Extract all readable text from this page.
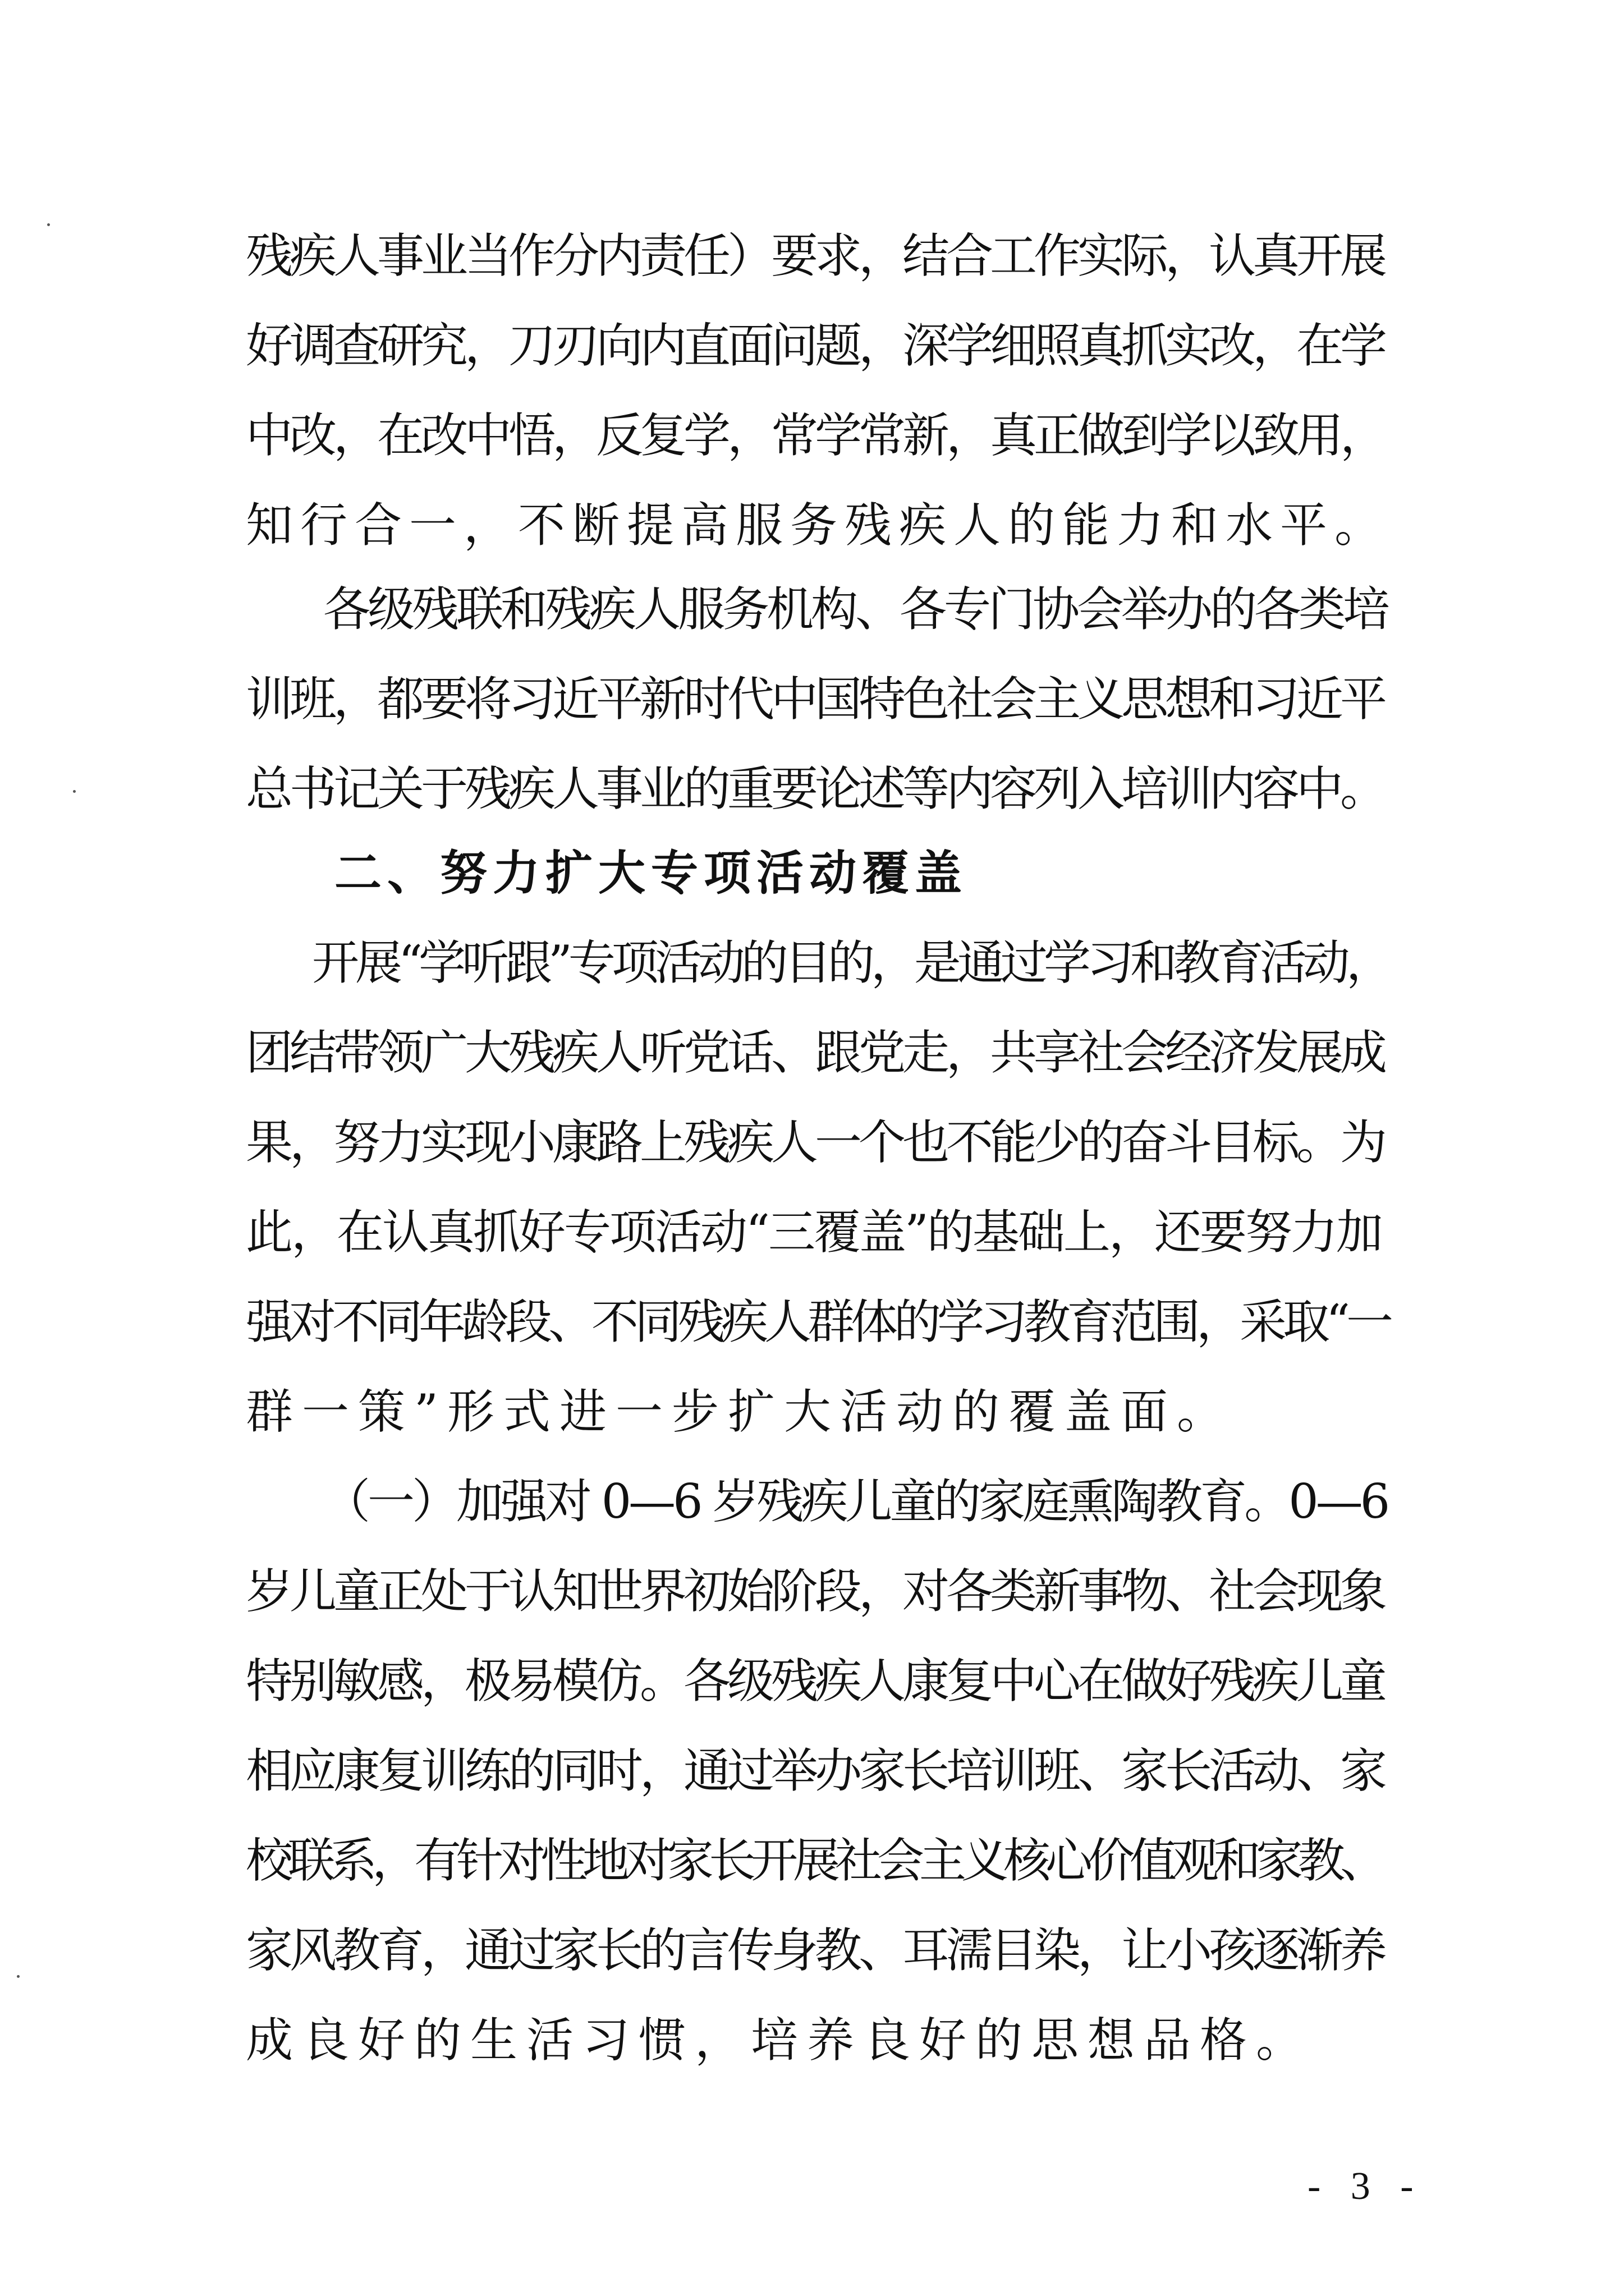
残疾人事业当作分内责任）要求，结合工作实际，认真开展
好调查研究，刀刃向内直面问题，深学细照真抓实改，在学
中改，在改中悟，反复学，常学常新，真正做到学以致用，
知行合一，不断提高服务残疾人的能力和水平。
各级残联和残疾人服务机构、各专门协会举办的各类培
训班，都要将习近平新时代中国特色社会主义思想和习近平
总书记关于残疾人事业的重要论述等内容列入培训内容中。
二、努力扩大专项活动覆盖
开展“学听跟”专项活动的目的，是通过学习和教育活动，
团结带领广大残疾人听党话、跟党走，共享社会经济发展成
果，努力实现小康路上残疾人一个也不能少的奋斗目标。为
此，在认真抓好专项活动“三覆盖”的基础上，还要努力加
强对不同年龄段、不同残疾人群体的学习教育范围，采取“一
群一策”形式进一步扩大活动的覆盖面。
（一）加强对 0—6 岁残疾儿童的家庭熏陶教育。0—6
岁儿童正处于认知世界初始阶段，对各类新事物、社会现象
特别敏感，极易模仿。各级残疾人康复中心在做好残疾儿童
相应康复训练的同时，通过举办家长培训班、家长活动、家
校联系，有针对性地对家长开展社会主义核心价值观和家教、
家风教育，通过家长的言传身教、耳濡目染，让小孩逐渐养
成良好的生活习惯，培养良好的思想品格。
- 3 -
